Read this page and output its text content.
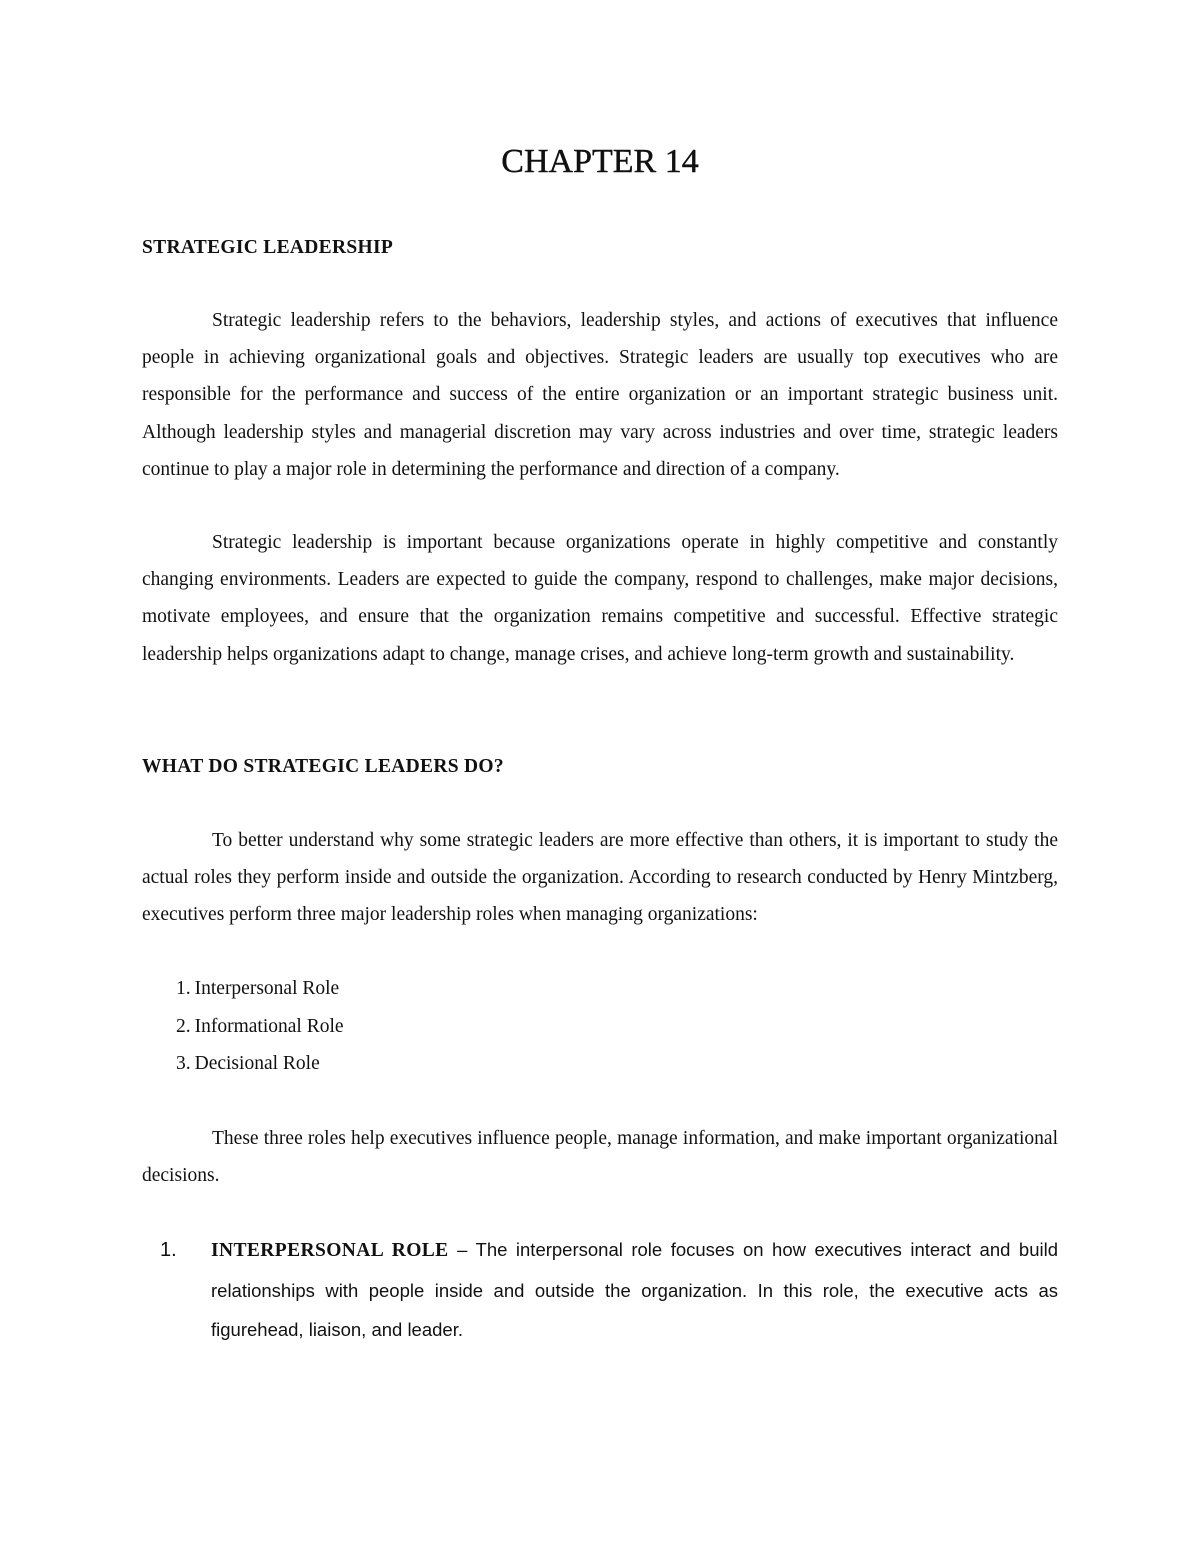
CHAPTER 14
STRATEGIC LEADERSHIP

Strategic leadership refers to the behaviors, leadership styles, and actions of executives that influence people in achieving organizational goals and objectives. Strategic leaders are usually top executives who are responsible for the performance and success of the entire organization or an important strategic business unit. Although leadership styles and managerial discretion may vary across industries and over time, strategic leaders continue to play a major role in determining the performance and direction of a company.

Strategic leadership is important because organizations operate in highly competitive and constantly changing environments. Leaders are expected to guide the company, respond to challenges, make major decisions, motivate employees, and ensure that the organization remains competitive and successful. Effective strategic leadership helps organizations adapt to change, manage crises, and achieve long-term growth and sustainability.

WHAT DO STRATEGIC LEADERS DO?

To better understand why some strategic leaders are more effective than others, it is important to study the actual roles they perform inside and outside the organization. According to research conducted by Henry Mintzberg, executives perform three major leadership roles when managing organizations:

1. Interpersonal Role
2. Informational Role
3. Decisional Role

These three roles help executives influence people, manage information, and make important organizational decisions.

1. INTERPERSONAL ROLE – The interpersonal role focuses on how executives interact and build relationships with people inside and outside the organization. In this role, the executive acts as figurehead, liaison, and leader.
